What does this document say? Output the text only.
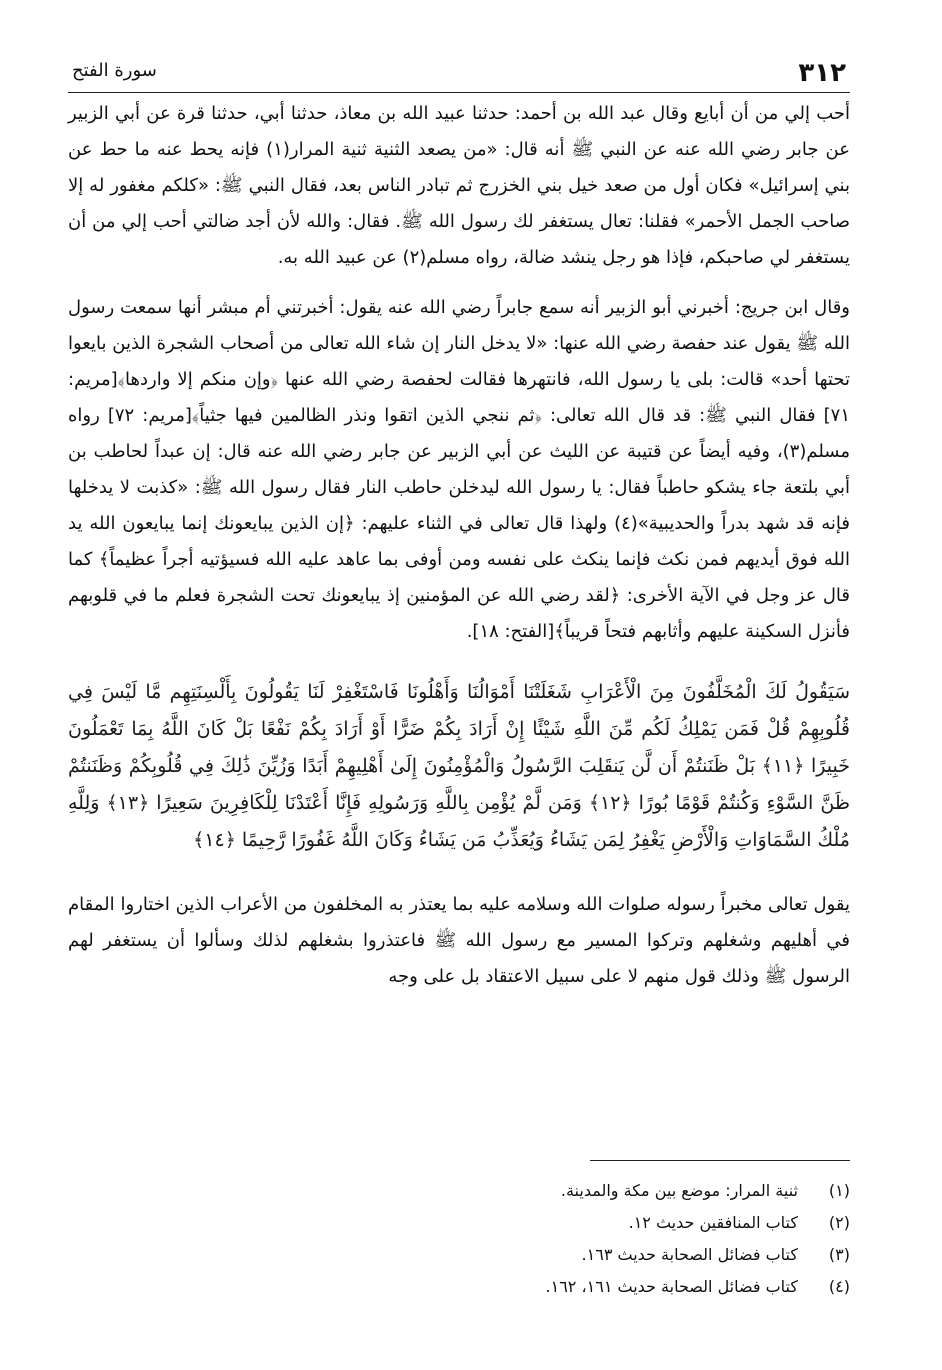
٣١٢
سورة الفتح

أحب إلي من أن أبايع وقال عبد الله بن أحمد: حدثنا عبيد الله بن معاذ، حدثنا أبي، حدثنا قرة عن أبي الزبير عن جابر رضي الله عنه عن النبي ﷺ أنه قال: «من يصعد الثنية ثنية المرار(١) فإنه يحط عنه ما حط عن بني إسرائيل» فكان أول من صعد خيل بني الخزرج ثم تبادر الناس بعد، فقال النبي ﷺ: «كلكم مغفور له إلا صاحب الجمل الأحمر» فقلنا: تعال يستغفر لك رسول الله ﷺ. فقال: والله لأن أجد ضالتي أحب إلي من أن يستغفر لي صاحبكم، فإذا هو رجل ينشد ضالة، رواه مسلم(٢) عن عبيد الله به.

وقال ابن جريج: أخبرني أبو الزبير أنه سمع جابراً رضي الله عنه يقول: أخبرتني أم مبشر أنها سمعت رسول الله ﷺ يقول عند حفصة رضي الله عنها: «لا يدخل النار إن شاء الله تعالى من أصحاب الشجرة الذين بايعوا تحتها أحد» قالت: بلى يا رسول الله، فانتهرها فقالت لحفصة رضي الله عنها ﴿وإن منكم إلا واردها﴾[مريم: ٧١] فقال النبي ﷺ: قد قال الله تعالى: ﴿ثم ننجي الذين اتقوا ونذر الظالمين فيها جثياً﴾[مريم: ٧٢] رواه مسلم(٣)، وفيه أيضاً عن قتيبة عن الليث عن أبي الزبير عن جابر رضي الله عنه قال: إن عبداً لحاطب بن أبي بلتعة جاء يشكو حاطباً فقال: يا رسول الله ليدخلن حاطب النار فقال رسول الله ﷺ: «كذبت لا يدخلها فإنه قد شهد بدراً والحديبية»(٤) ولهذا قال تعالى في الثناء عليهم: ﴿إن الذين يبايعونك إنما يبايعون الله يد الله فوق أيديهم فمن نكث فإنما ينكث على نفسه ومن أوفى بما عاهد عليه الله فسيؤتيه أجراً عظيماً﴾ كما قال عز وجل في الآية الأخرى: ﴿لقد رضي الله عن المؤمنين إذ يبايعونك تحت الشجرة فعلم ما في قلوبهم فأنزل السكينة عليهم وأثابهم فتحاً قريباً﴾[الفتح: ١٨].

سَيَقُولُ لَكَ الْمُخَلَّفُونَ مِنَ الْأَعْرَابِ شَغَلَتْنَا أَمْوَالُنَا وَأَهْلُونَا فَاسْتَغْفِرْ لَنَا يَقُولُونَ بِأَلْسِنَتِهِم مَّا لَيْسَ فِي قُلُوبِهِمْ قُلْ فَمَن يَمْلِكُ لَكُم مِّنَ اللَّهِ شَيْئًا إِنْ أَرَادَ بِكُمْ ضَرًّا أَوْ أَرَادَ بِكُمْ نَفْعًا بَلْ كَانَ اللَّهُ بِمَا تَعْمَلُونَ خَبِيرًا ﴿١١﴾ بَلْ ظَنَنتُمْ أَن لَّن يَنقَلِبَ الرَّسُولُ وَالْمُؤْمِنُونَ إِلَىٰ أَهْلِيهِمْ أَبَدًا وَزُيِّنَ ذَٰلِكَ فِي قُلُوبِكُمْ وَظَنَنتُمْ ظَنَّ السَّوْءِ وَكُنتُمْ قَوْمًا بُورًا ﴿١٢﴾ وَمَن لَّمْ يُؤْمِن بِاللَّهِ وَرَسُولِهِ فَإِنَّا أَعْتَدْنَا لِلْكَافِرِينَ سَعِيرًا ﴿١٣﴾ وَلِلَّهِ مُلْكُ السَّمَاوَاتِ وَالْأَرْضِ يَغْفِرُ لِمَن يَشَاءُ وَيُعَذِّبُ مَن يَشَاءُ وَكَانَ اللَّهُ غَفُورًا رَّحِيمًا ﴿١٤﴾

يقول تعالى مخبراً رسوله صلوات الله وسلامه عليه بما يعتذر به المخلفون من الأعراب الذين اختاروا المقام في أهليهم وشغلهم وتركوا المسير مع رسول الله ﷺ فاعتذروا بشغلهم لذلك وسألوا أن يستغفر لهم الرسول ﷺ وذلك قول منهم لا على سبيل الاعتقاد بل على وجه

(١)
ثنية المرار: موضع بين مكة والمدينة.
(٢)
كتاب المنافقين حديث ١٢.
(٣)
كتاب فضائل الصحابة حديث ١٦٣.
(٤)
كتاب فضائل الصحابة حديث ١٦١، ١٦٢.
